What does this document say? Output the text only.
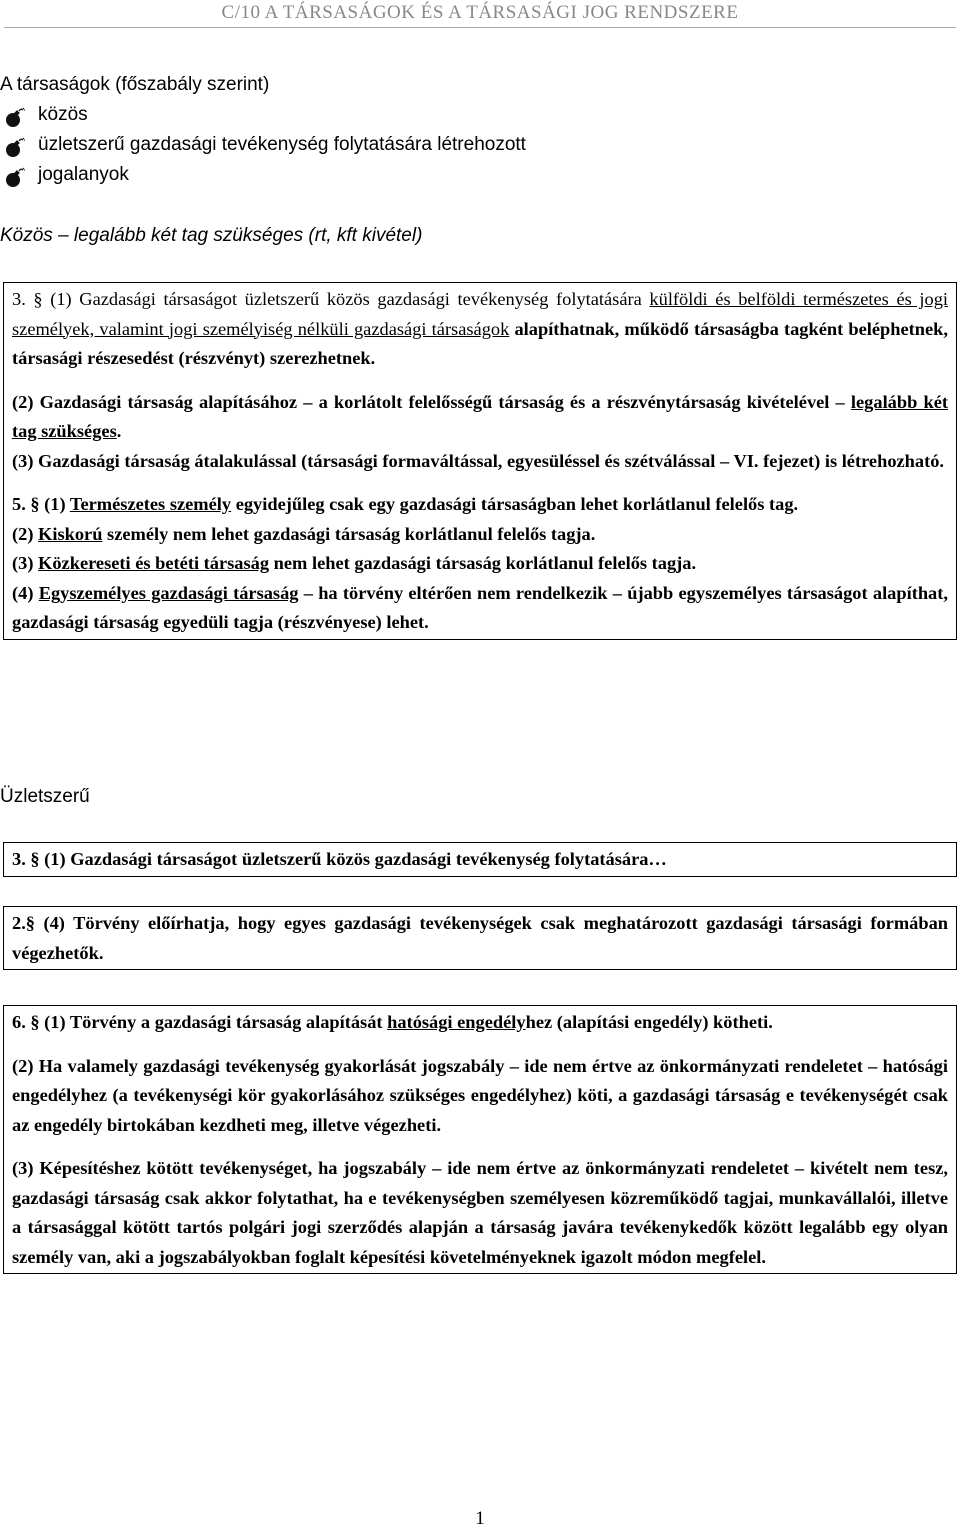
C/10 A TÁRSASÁGOK ÉS A TÁRSASÁGI JOG RENDSZERE
A társaságok (főszabály szerint)
közös
üzletszerű gazdasági tevékenység folytatására létrehozott
jogalanyok
Közös – legalább két tag szükséges (rt, kft kivétel)

3. § (1) Gazdasági társaságot üzletszerű közös gazdasági tevékenység folytatására külföldi és belföldi természetes és jogi személyek, valamint jogi személyiség nélküli gazdasági társaságok alapíthatnak, működő társaságba tagként beléphetnek, társasági részesedést (részvényt) szerezhetnek.

(2) Gazdasági társaság alapításához – a korlátolt felelősségű társaság és a részvénytársaság kivételével – legalább két tag szükséges.

(3) Gazdasági társaság átalakulással (társasági formaváltással, egyesüléssel és szétválással – VI. fejezet) is létrehozható.

5. § (1) Természetes személy egyidejűleg csak egy gazdasági társaságban lehet korlátlanul felelős tag.

(2) Kiskorú személy nem lehet gazdasági társaság korlátlanul felelős tagja.

(3) Közkereseti és betéti társaság nem lehet gazdasági társaság korlátlanul felelős tagja.

(4) Egyszemélyes gazdasági társaság – ha törvény eltérően nem rendelkezik – újabb egyszemélyes társaságot alapíthat, gazdasági társaság egyedüli tagja (részvényese) lehet.

Üzletszerű

3. § (1) Gazdasági társaságot üzletszerű közös gazdasági tevékenység folytatására…

2.§ (4) Törvény előírhatja, hogy egyes gazdasági tevékenységek csak meghatározott gazdasági társasági formában végezhetők.

6. § (1) Törvény a gazdasági társaság alapítását hatósági engedélyhez (alapítási engedély) kötheti.

(2) Ha valamely gazdasági tevékenység gyakorlását jogszabály – ide nem értve az önkormányzati rendeletet – hatósági engedélyhez (a tevékenységi kör gyakorlásához szükséges engedélyhez) köti, a gazdasági társaság e tevékenységét csak az engedély birtokában kezdheti meg, illetve végezheti.

(3) Képesítéshez kötött tevékenységet, ha jogszabály – ide nem értve az önkormányzati rendeletet – kivételt nem tesz, gazdasági társaság csak akkor folytathat, ha e tevékenységben személyesen közreműködő tagjai, munkavállalói, illetve a társasággal kötött tartós polgári jogi szerződés alapján a társaság javára tevékenykedők között legalább egy olyan személy van, aki a jogszabályokban foglalt képesítési követelményeknek igazolt módon megfelel.

1
